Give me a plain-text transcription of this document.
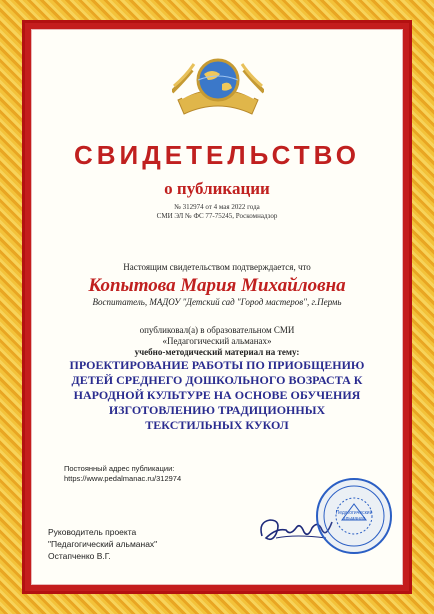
СВИДЕТЕЛЬСТВО
о публикации
№ 312974 от 4 мая 2022 года
СМИ ЭЛ № ФС 77-75245, Роскомнадзор
Настоящим свидетельством подтверждается, что
Копытова Мария Михайловна
Воспитатель, МАДОУ "Детский сад "Город мастеров", г.Пермь
опубликовал(а) в образовательном СМИ
«Педагогический альманах»
учебно-методический материал на тему:
ПРОЕКТИРОВАНИЕ РАБОТЫ ПО ПРИОБЩЕНИЮ ДЕТЕЙ СРЕДНЕГО ДОШКОЛЬНОГО ВОЗРАСТА К НАРОДНОЙ КУЛЬТУРЕ НА ОСНОВЕ ОБУЧЕНИЯ ИЗГОТОВЛЕНИЮ ТРАДИЦИОННЫХ ТЕКСТИЛЬНЫХ КУКОЛ
Постоянный адрес публикации:
https://www.pedalmanac.ru/312974
Руководитель проекта
"Педагогический альманах"
Остапченко В.Г.
Педагогический альманах
